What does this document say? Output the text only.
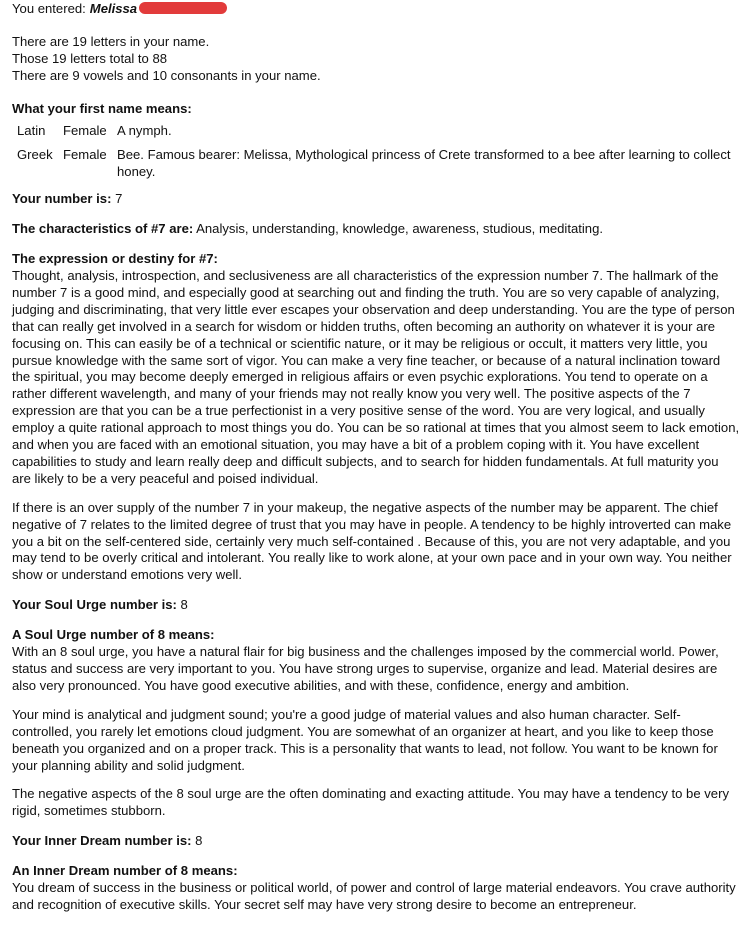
You entered: Melissa
There are 19 letters in your name.
Those 19 letters total to 88
There are 9 vowels and 10 consonants in your name.
What your first name means:
Latin	Female A nymph.
Greek Female Bee. Famous bearer: Melissa, Mythological princess of Crete transformed to a bee after learning to collect honey.
Your number is: 7
The characteristics of #7 are: Analysis, understanding, knowledge, awareness, studious, meditating.
The expression or destiny for #7:

Thought, analysis, introspection, and seclusiveness are all characteristics of the expression number 7. The hallmark of the number 7 is a good mind, and especially good at searching out and finding the truth. You are so very capable of analyzing, judging and discriminating, that very little ever escapes your observation and deep understanding. You are the type of person that can really get involved in a search for wisdom or hidden truths, often becoming an authority on whatever it is your are focusing on. This can easily be of a technical or scientific nature, or it may be religious or occult, it matters very little, you pursue knowledge with the same sort of vigor. You can make a very fine teacher, or because of a natural inclination toward the spiritual, you may become deeply emerged in religious affairs or even psychic explorations. You tend to operate on a rather different wavelength, and many of your friends may not really know you very well. The positive aspects of the 7 expression are that you can be a true perfectionist in a very positive sense of the word. You are very logical, and usually employ a quite rational approach to most things you do. You can be so rational at times that you almost seem to lack emotion, and when you are faced with an emotional situation, you may have a bit of a problem coping with it. You have excellent capabilities to study and learn really deep and difficult subjects, and to search for hidden fundamentals. At full maturity you are likely to be a very peaceful and poised individual.

If there is an over supply of the number 7 in your makeup, the negative aspects of the number may be apparent. The chief negative of 7 relates to the limited degree of trust that you may have in people. A tendency to be highly introverted can make you a bit on the self-centered side, certainly very much self-contained . Because of this, you are not very adaptable, and you may tend to be overly critical and intolerant. You really like to work alone, at your own pace and in your own way. You neither show or understand emotions very well.

Your Soul Urge number is: 8
A Soul Urge number of 8 means:

With an 8 soul urge, you have a natural flair for big business and the challenges imposed by the commercial world. Power, status and success are very important to you. You have strong urges to supervise, organize and lead. Material desires are also very pronounced. You have good executive abilities, and with these, confidence, energy and ambition.

Your mind is analytical and judgment sound; you're a good judge of material values and also human character. Self-controlled, you rarely let emotions cloud judgment. You are somewhat of an organizer at heart, and you like to keep those beneath you organized and on a proper track. This is a personality that wants to lead, not follow. You want to be known for your planning ability and solid judgment.

The negative aspects of the 8 soul urge are the often dominating and exacting attitude. You may have a tendency to be very rigid, sometimes stubborn.

Your Inner Dream number is: 8
An Inner Dream number of 8 means:

You dream of success in the business or political world, of power and control of large material endeavors. You crave authority and recognition of executive skills. Your secret self may have very strong desire to become an entrepreneur.
